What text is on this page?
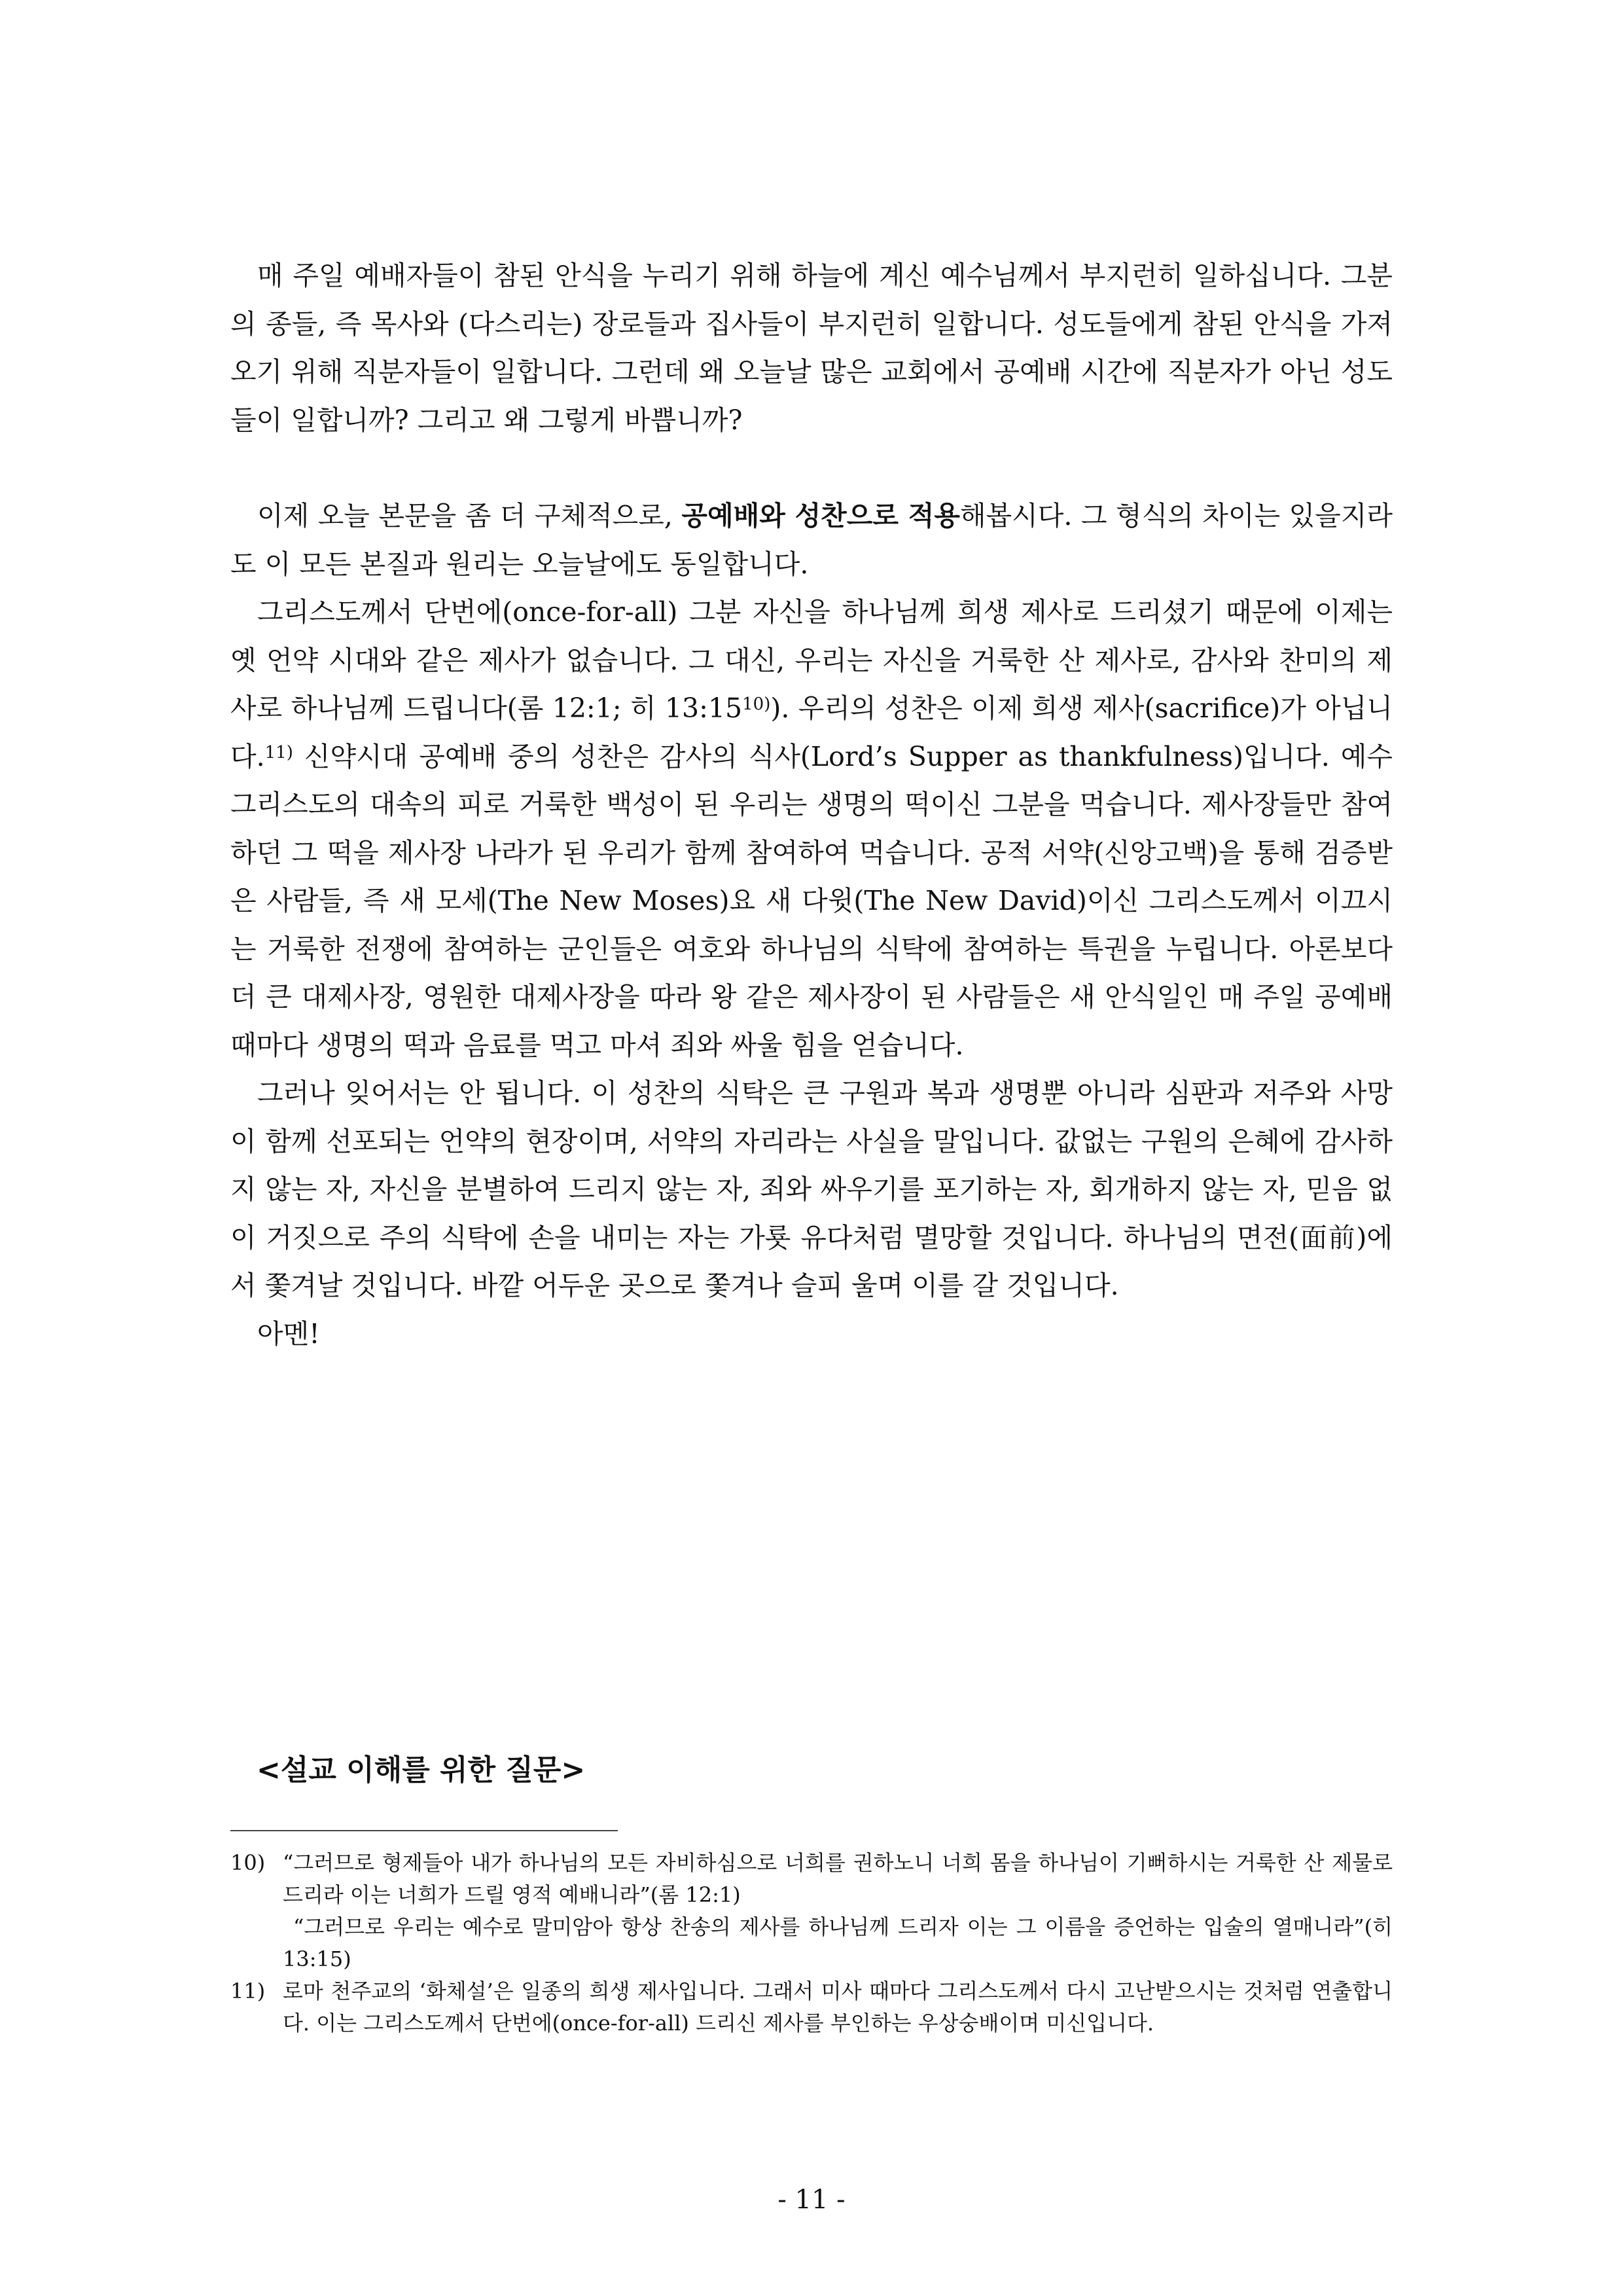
매 주일 예배자들이 참된 안식을 누리기 위해 하늘에 계신 예수님께서 부지런히 일하십니다. 그분의 종들, 즉 목사와 (다스리는) 장로들과 집사들이 부지런히 일합니다. 성도들에게 참된 안식을 가져오기 위해 직분자들이 일합니다. 그런데 왜 오늘날 많은 교회에서 공예배 시간에 직분자가 아닌 성도들이 일합니까? 그리고 왜 그렇게 바쁩니까?

이제 오늘 본문을 좀 더 구체적으로, 공예배와 성찬으로 적용해봅시다. 그 형식의 차이는 있을지라도 이 모든 본질과 원리는 오늘날에도 동일합니다.

그리스도께서 단번에(once-for-all) 그분 자신을 하나님께 희생 제사로 드리셨기 때문에 이제는 옛 언약 시대와 같은 제사가 없습니다. 그 대신, 우리는 자신을 거룩한 산 제사로, 감사와 찬미의 제사로 하나님께 드립니다(롬 12:1; 히 13:15$^{10)}$). 우리의 성찬은 이제 희생 제사(sacrifice)가 아닙니다.$^{11)}$ 신약시대 공예배 중의 성찬은 감사의 식사(Lord’s Supper as thankfulness)입니다. 예수 그리스도의 대속의 피로 거룩한 백성이 된 우리는 생명의 떡이신 그분을 먹습니다. 제사장들만 참여하던 그 떡을 제사장 나라가 된 우리가 함께 참여하여 먹습니다. 공적 서약(신앙고백)을 통해 검증받은 사람들, 즉 새 모세(The New Moses)요 새 다윗(The New David)이신 그리스도께서 이끄시는 거룩한 전쟁에 참여하는 군인들은 여호와 하나님의 식탁에 참여하는 특권을 누립니다. 아론보다 더 큰 대제사장, 영원한 대제사장을 따라 왕 같은 제사장이 된 사람들은 새 안식일인 매 주일 공예배 때마다 생명의 떡과 음료를 먹고 마셔 죄와 싸울 힘을 얻습니다.

그러나 잊어서는 안 됩니다. 이 성찬의 식탁은 큰 구원과 복과 생명뿐 아니라 심판과 저주와 사망이 함께 선포되는 언약의 현장이며, 서약의 자리라는 사실을 말입니다. 값없는 구원의 은혜에 감사하지 않는 자, 자신을 분별하여 드리지 않는 자, 죄와 싸우기를 포기하는 자, 회개하지 않는 자, 믿음 없이 거짓으로 주의 식탁에 손을 내미는 자는 가룟 유다처럼 멸망할 것입니다. 하나님의 면전(面前)에서 쫓겨날 것입니다. 바깥 어두운 곳으로 쫓겨나 슬피 울며 이를 갈 것입니다.

아멘!

<설교 이해를 위한 질문>
10) “그러므로 형제들아 내가 하나님의 모든 자비하심으로 너희를 권하노니 너희 몸을 하나님이 기뻐하시는 거룩한 산 제물로 드리라 이는 너희가 드릴 영적 예배니라”(롬 12:1)

“그러므로 우리는 예수로 말미암아 항상 찬송의 제사를 하나님께 드리자 이는 그 이름을 증언하는 입술의 열매니라”(히 13:15)

11) 로마 천주교의 ‘화체설’은 일종의 희생 제사입니다. 그래서 미사 때마다 그리스도께서 다시 고난받으시는 것처럼 연출합니다. 이는 그리스도께서 단번에(once-for-all) 드리신 제사를 부인하는 우상숭배이며 미신입니다.

- 11 -
